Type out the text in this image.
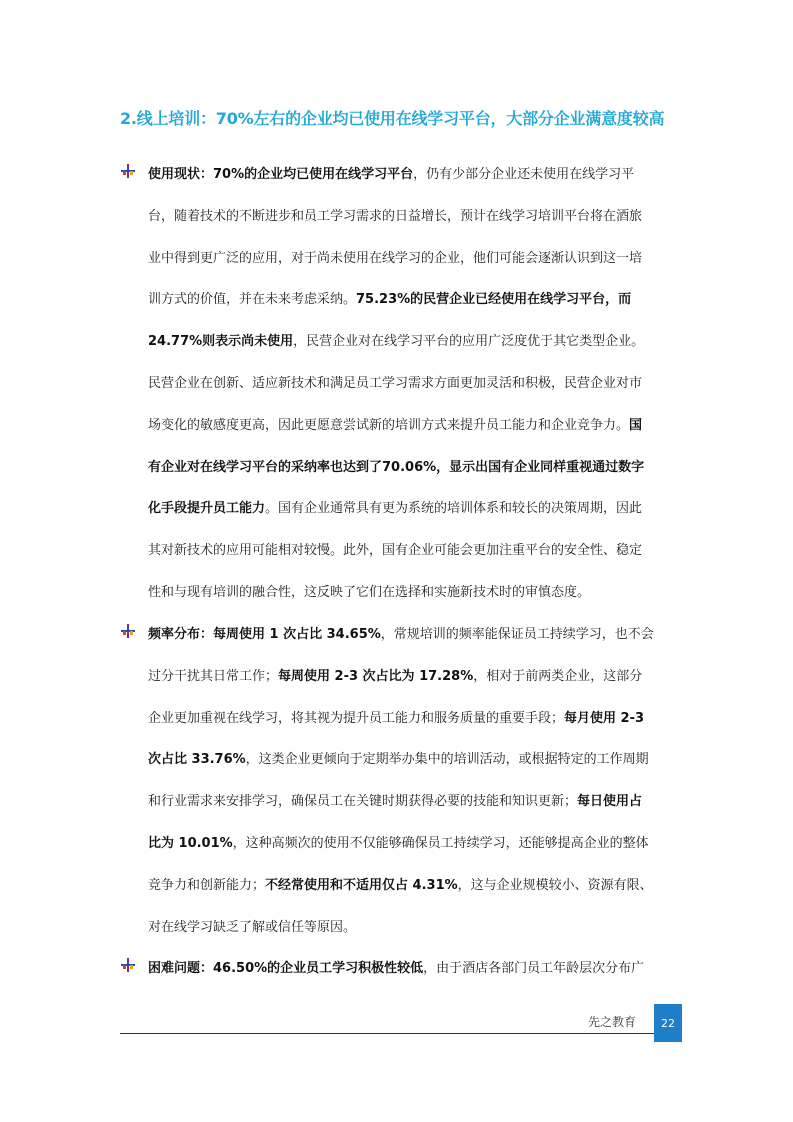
2.线上培训：70%左右的企业均已使用在线学习平台，大部分企业满意度较高
使用现状：70%的企业均已使用在线学习平台，仍有少部分企业还未使用在线学习平
台，随着技术的不断进步和员工学习需求的日益增长，预计在线学习培训平台将在酒旅
业中得到更广泛的应用，对于尚未使用在线学习的企业，他们可能会逐渐认识到这一培
训方式的价值，并在未来考虑采纳。75.23%的民营企业已经使用在线学习平台，而
24.77%则表示尚未使用，民营企业对在线学习平台的应用广泛度优于其它类型企业。
民营企业在创新、适应新技术和满足员工学习需求方面更加灵活和积极，民营企业对市
场变化的敏感度更高，因此更愿意尝试新的培训方式来提升员工能力和企业竞争力。国
有企业对在线学习平台的采纳率也达到了70.06%，显示出国有企业同样重视通过数字
化手段提升员工能力。国有企业通常具有更为系统的培训体系和较长的决策周期，因此
其对新技术的应用可能相对较慢。此外，国有企业可能会更加注重平台的安全性、稳定
性和与现有培训的融合性，这反映了它们在选择和实施新技术时的审慎态度。
频率分布：每周使用 1 次占比 34.65%，常规培训的频率能保证员工持续学习，也不会
过分干扰其日常工作；每周使用 2-3 次占比为 17.28%，相对于前两类企业，这部分
企业更加重视在线学习，将其视为提升员工能力和服务质量的重要手段；每月使用 2-3
次占比 33.76%，这类企业更倾向于定期举办集中的培训活动，或根据特定的工作周期
和行业需求来安排学习，确保员工在关键时期获得必要的技能和知识更新；每日使用占
比为 10.01%，这种高频次的使用不仅能够确保员工持续学习，还能够提高企业的整体
竞争力和创新能力；不经常使用和不适用仅占 4.31%，这与企业规模较小、资源有限、
对在线学习缺乏了解或信任等原因。
困难问题：46.50%的企业员工学习积极性较低，由于酒店各部门员工年龄层次分布广
先之教育	22
